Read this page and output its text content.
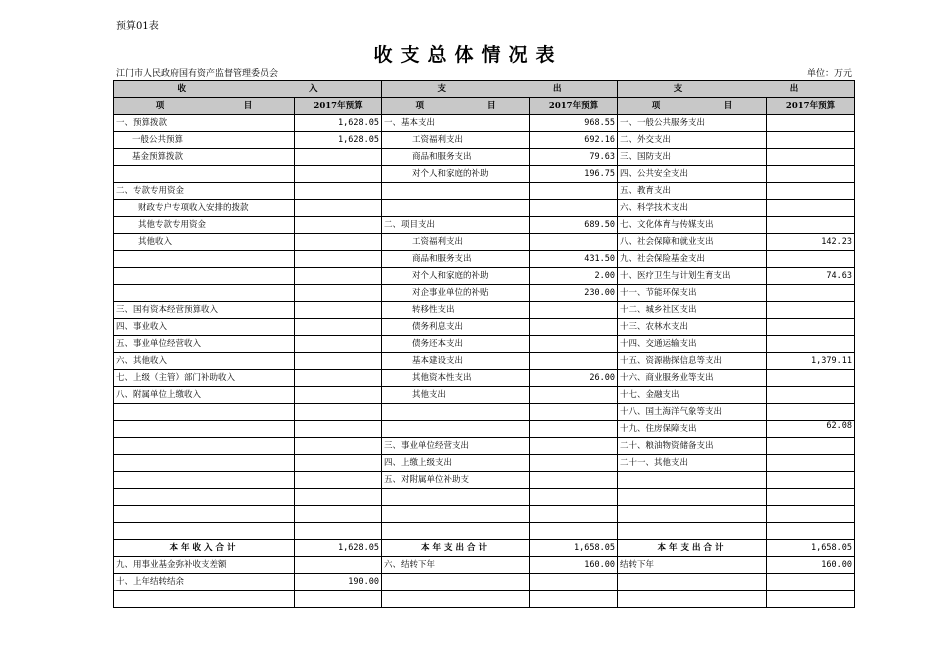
预算01表
收支总体情况表
江门市人民政府国有资产监督管理委员会	单位：万元
收 入		支 出		支 出	

项 目	2017年预算	项 目	2017年预算	项 目	2017年预算
一、预算拨款	1,628.05	一、基本支出	968.55	一、一般公共服务支出	
一般公共预算	1,628.05	工资福利支出	692.16	二、外交支出	
基金预算拨款		商品和服务支出	79.63	三、国防支出	
		对个人和家庭的补助	196.75	四、公共安全支出	
二、专款专用资金				五、教育支出	
财政专户专项收入安排的拨款				六、科学技术支出	
其他专款专用资金		二、项目支出	689.50	七、文化体育与传媒支出	
其他收入		工资福利支出		八、社会保障和就业支出	142.23
		商品和服务支出	431.50	九、社会保险基金支出	
		对个人和家庭的补助	2.00	十、医疗卫生与计划生育支出	74.63
		对企事业单位的补贴	230.00	十一、节能环保支出	
三、国有资本经营预算收入		转移性支出		十二、城乡社区支出	
四、事业收入		债务利息支出		十三、农林水支出	
五、事业单位经营收入		债务还本支出		十四、交通运输支出	
六、其他收入		基本建设支出		十五、资源勘探信息等支出	1,379.11
七、上级（主管）部门补助收入		其他资本性支出	26.00	十六、商业服务业等支出	
八、附属单位上缴收入		其他支出		十七、金融支出	
				十八、国土海洋气象等支出	
				十九、住房保障支出	62.08
		三、事业单位经营支出		二十、粮油物资储备支出	
		四、上缴上级支出		二十一、其他支出	
		五、对附属单位补助支			

本年收入合计	1,628.05	本年支出合计	1,658.05	本年支出合计	1,658.05
九、用事业基金弥补收支差额		六、结转下年	160.00	结转下年	160.00
十、上年结转结余	190.00				
